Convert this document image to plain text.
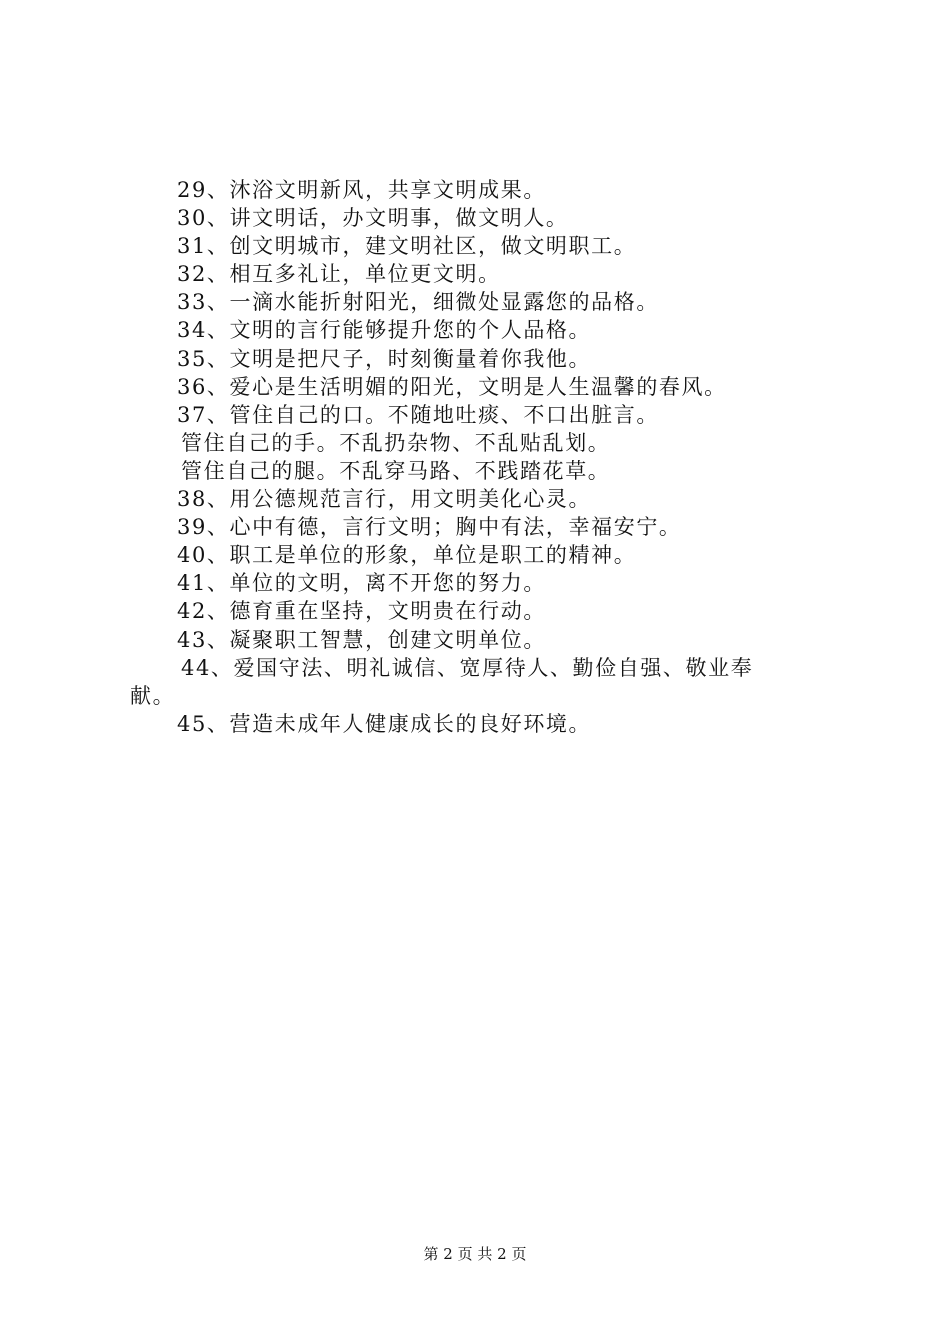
29、沐浴文明新风，共享文明成果。
30、讲文明话，办文明事，做文明人。
31、创文明城市，建文明社区，做文明职工。
32、相互多礼让，单位更文明。
33、一滴水能折射阳光，细微处显露您的品格。
34、文明的言行能够提升您的个人品格。
35、文明是把尺子，时刻衡量着你我他。
36、爱心是生活明媚的阳光，文明是人生温馨的春风。
37、管住自己的口。不随地吐痰、不口出脏言。
管住自己的手。不乱扔杂物、不乱贴乱划。
管住自己的腿。不乱穿马路、不践踏花草。
38、用公德规范言行，用文明美化心灵。
39、心中有德，言行文明；胸中有法，幸福安宁。
40、职工是单位的形象，单位是职工的精神。
41、单位的文明，离不开您的努力。
42、德育重在坚持，文明贵在行动。
43、凝聚职工智慧，创建文明单位。
44、爱国守法、明礼诚信、宽厚待人、勤俭自强、敬业奉
献。
45、营造未成年人健康成长的良好环境。
第 2 页 共 2 页
